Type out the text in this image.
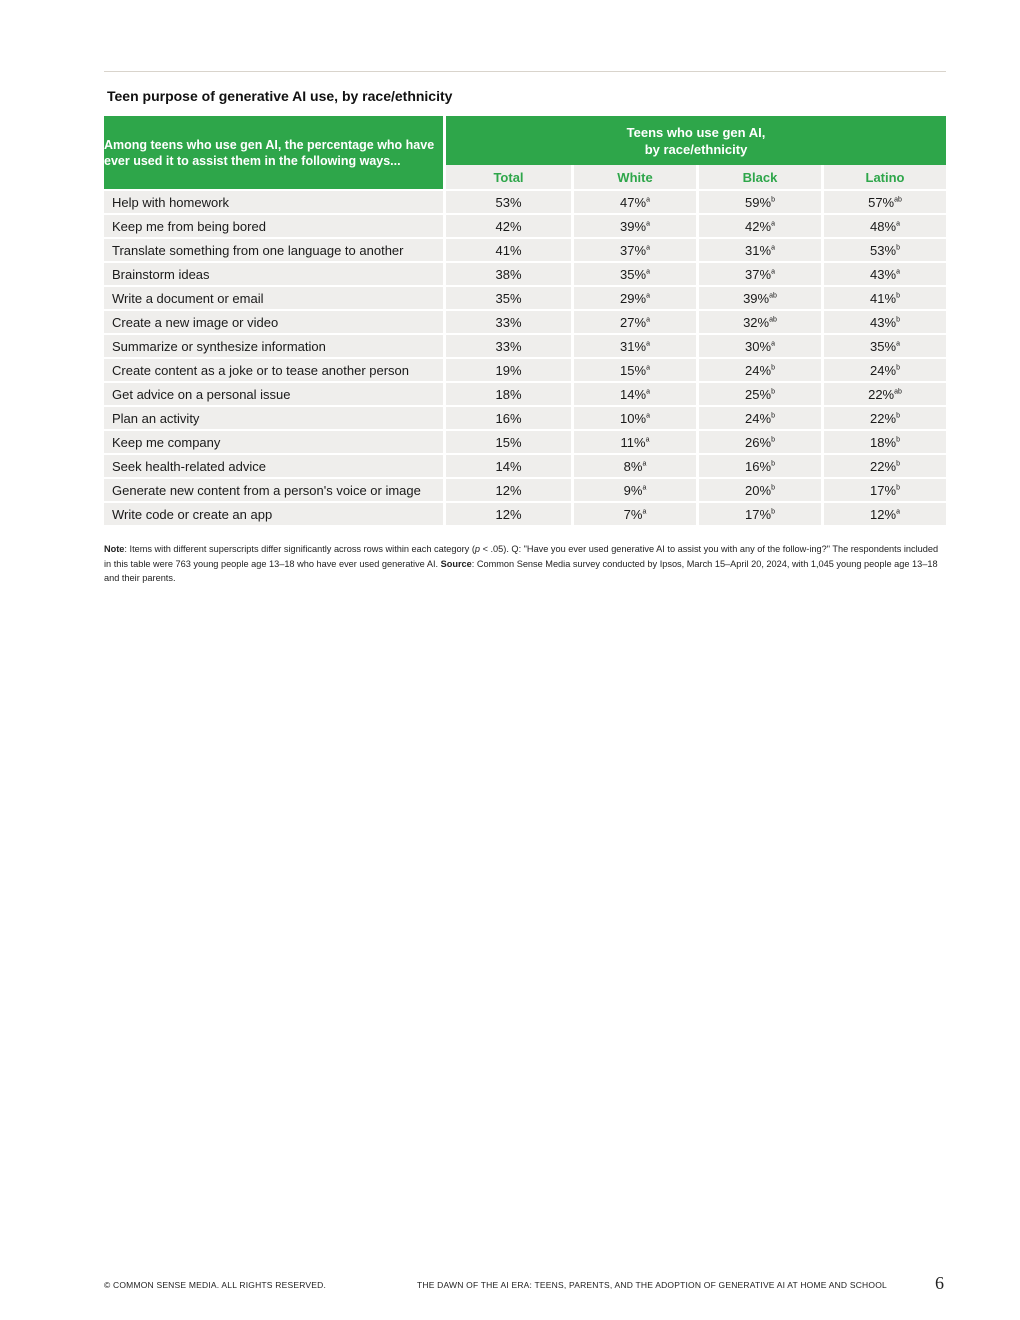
Teen purpose of generative AI use, by race/ethnicity
Among teens who use gen AI, the percentage who have ever used it to assist them in the following ways...	Teens who use gen AI,
by race/ethnicity			
	Total	White	Black	Latino
Help with homework	53%	47%$^a$	59%$^b$	57%$^{ab}$
Keep me from being bored	42%	39%$^a$	42%$^a$	48%$^a$
Translate something from one language to another	41%	37%$^a$	31%$^a$	53%$^b$
Brainstorm ideas	38%	35%$^a$	37%$^a$	43%$^a$
Write a document or email	35%	29%$^a$	39%$^{ab}$	41%$^b$
Create a new image or video	33%	27%$^a$	32%$^{ab}$	43%$^b$
Summarize or synthesize information	33%	31%$^a$	30%$^a$	35%$^a$
Create content as a joke or to tease another person	19%	15%$^a$	24%$^b$	24%$^b$
Get advice on a personal issue	18%	14%$^a$	25%$^b$	22%$^{ab}$
Plan an activity	16%	10%$^a$	24%$^b$	22%$^b$
Keep me company	15%	11%$^a$	26%$^b$	18%$^b$
Seek health-related advice	14%	8%$^a$	16%$^b$	22%$^b$
Generate new content from a person's voice or image	12%	9%$^a$	20%$^b$	17%$^b$
Write code or create an app	12%	7%$^a$	17%$^b$	12%$^a$
Note: Items with different superscripts differ significantly across rows within each category (p < .05). Q: "Have you ever used generative AI to assist you with any of the follow-ing?" The respondents included in this table were 763 young people age 13–18 who have ever used generative AI. Source: Common Sense Media survey conducted by Ipsos, March 15–April 20, 2024, with 1,045 young people age 13–18 and their parents.
© COMMON SENSE MEDIA. ALL RIGHTS RESERVED.	THE DAWN OF THE AI ERA: TEENS, PARENTS, AND THE ADOPTION OF GENERATIVE AI AT HOME AND SCHOOL	6
